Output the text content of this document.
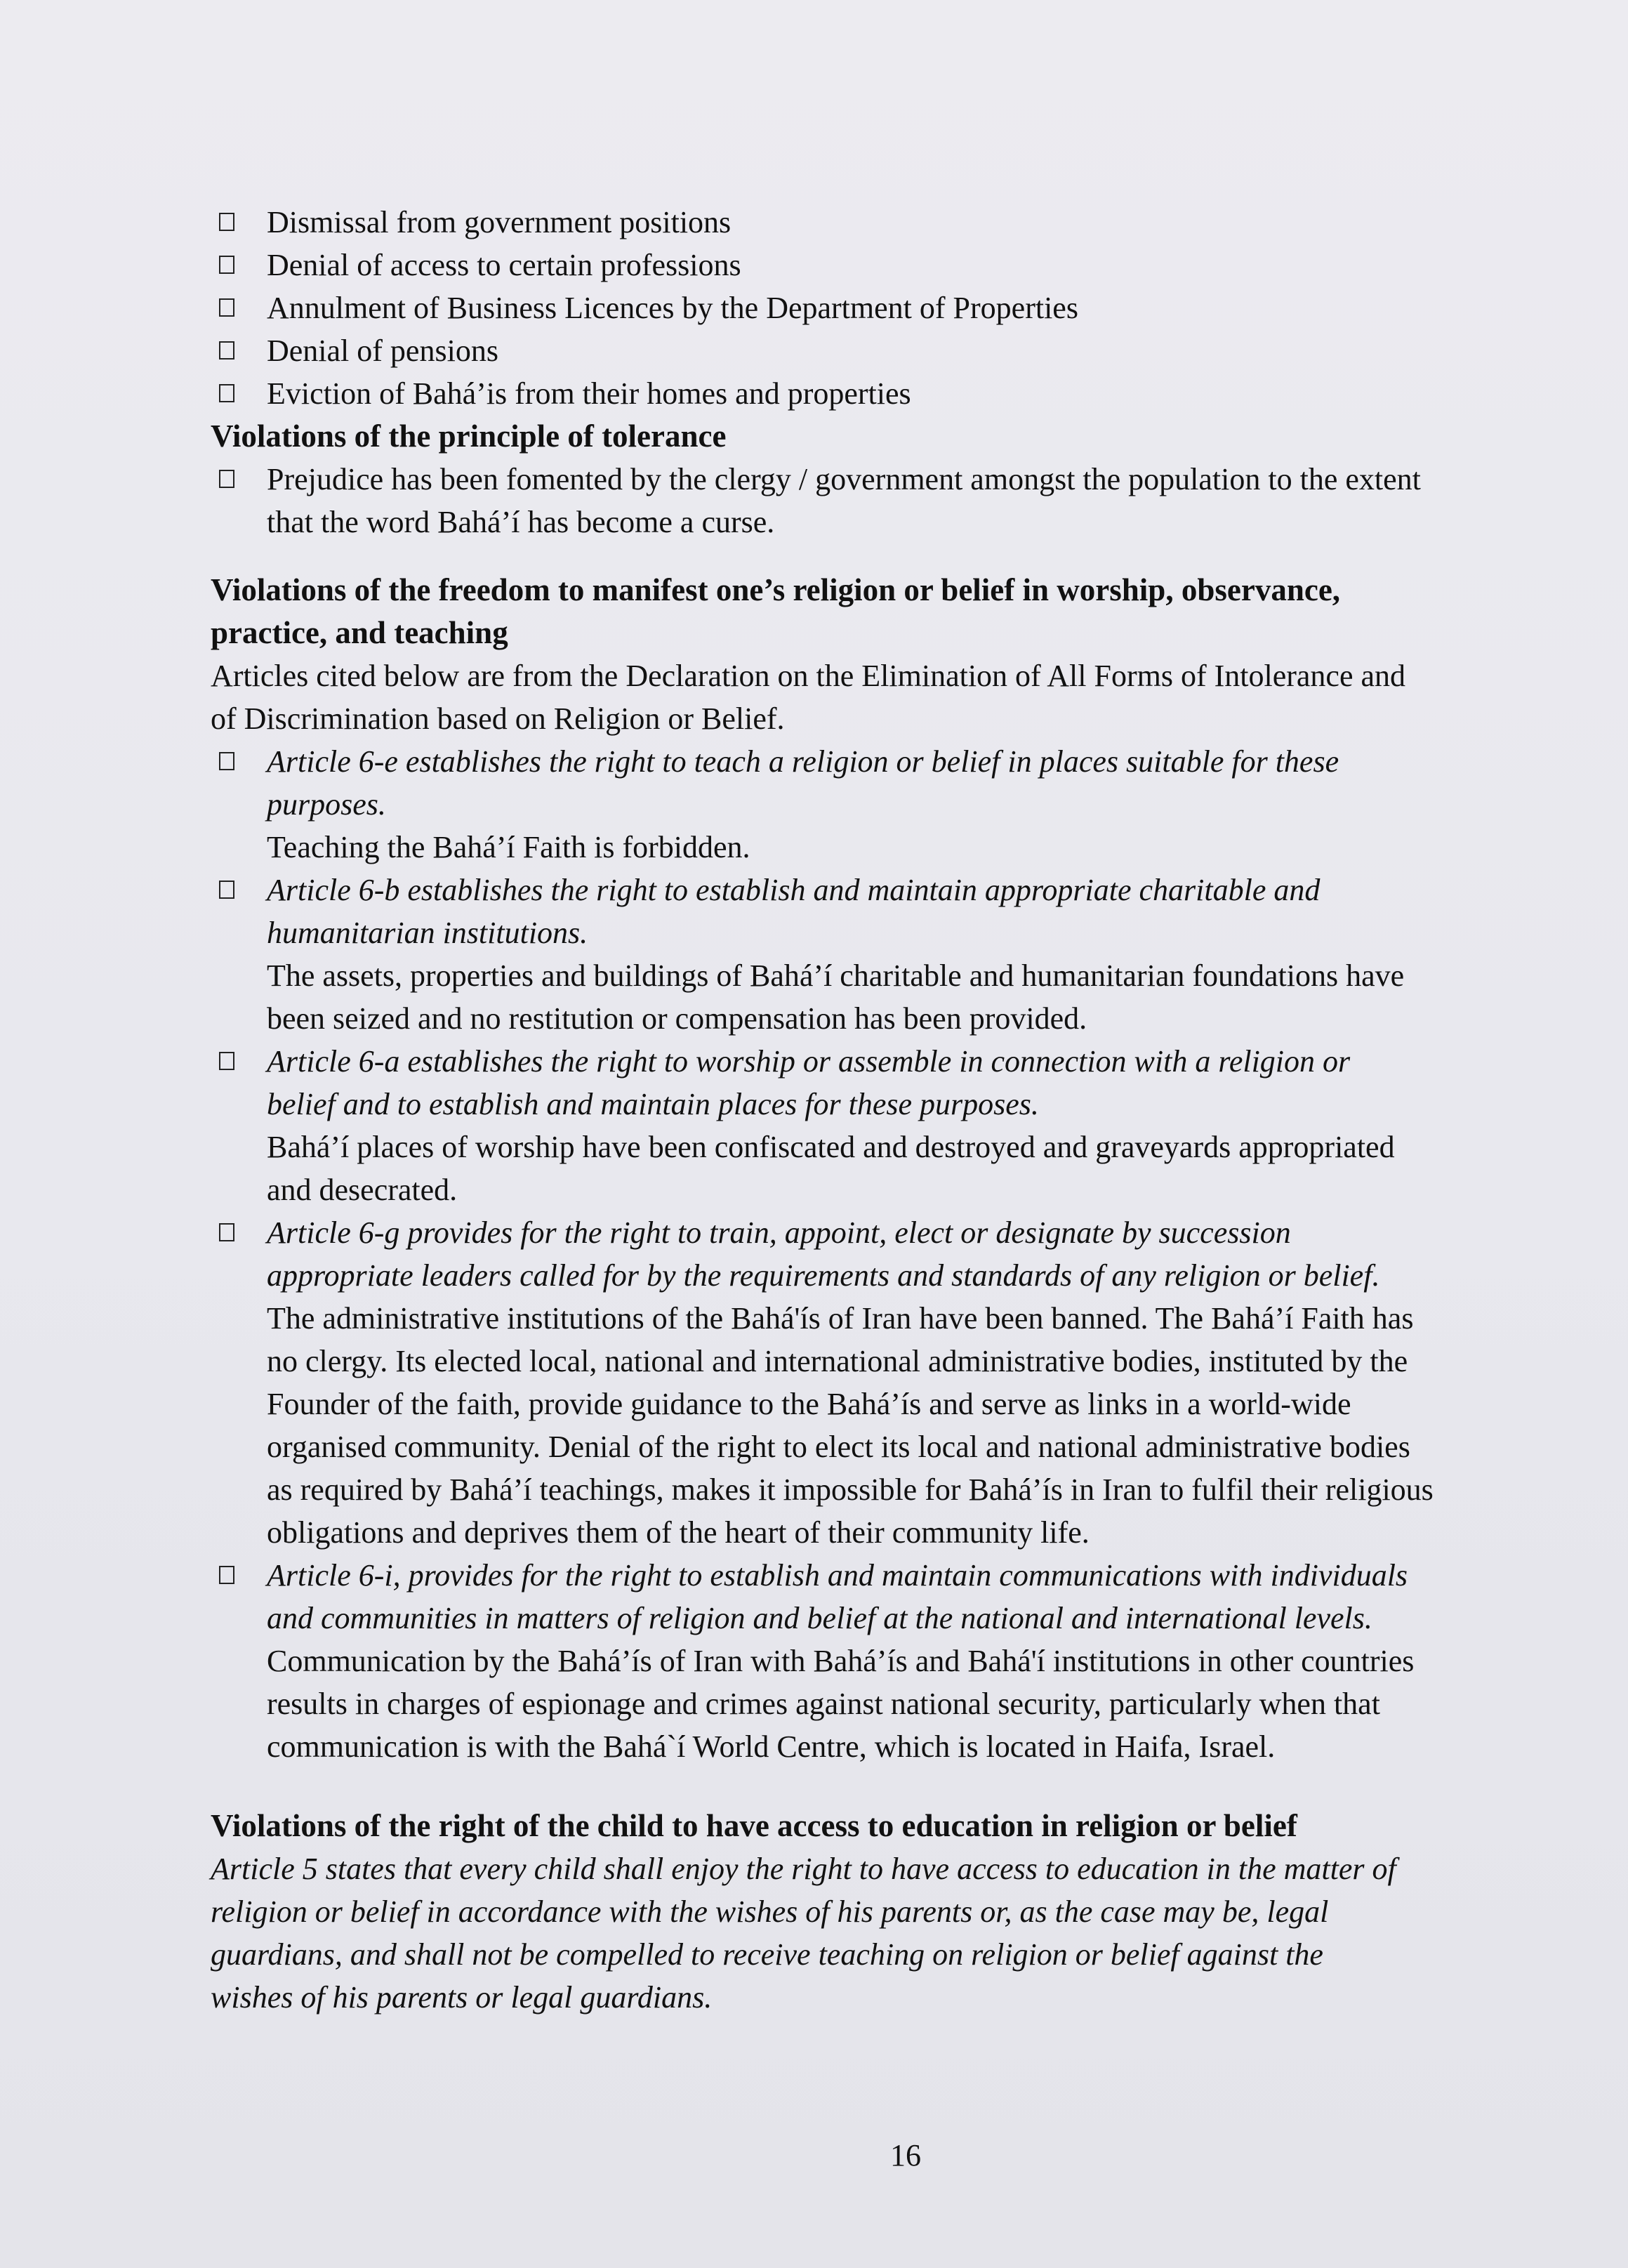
Dismissal from government positions
Denial of access to certain professions
Annulment of Business Licences by the Department of Properties
Denial of pensions
Eviction of Bahá’is from their homes and properties
Violations of the principle of tolerance
Prejudice has been fomented by the clergy / government amongst the population to the extent
that the word Bahá’í has become a curse.
Violations of the freedom to manifest one’s religion or belief in worship, observance,
practice, and teaching
Articles cited below are from the Declaration on the Elimination of All Forms of Intolerance and
of Discrimination based on Religion or Belief.
Article 6-e establishes the right to teach a religion or belief in places suitable for these
purposes.
Teaching the Bahá’í Faith is forbidden.
Article 6-b establishes the right to establish and maintain appropriate charitable and
humanitarian institutions.
The assets, properties and buildings of Bahá’í charitable and humanitarian foundations have
been seized and no restitution or compensation has been provided.
Article 6-a establishes the right to worship or assemble in connection with a religion or
belief and to establish and maintain places for these purposes.
Bahá’í places of worship have been confiscated and destroyed and graveyards appropriated
and desecrated.
Article 6-g provides for the right to train, appoint, elect or designate by succession
appropriate leaders called for by the requirements and standards of any religion or belief.
The administrative institutions of the Bahá'ís of Iran have been banned. The Bahá’í Faith has
no clergy. Its elected local, national and international administrative bodies, instituted by the
Founder of the faith, provide guidance to the Bahá’ís and serve as links in a world-wide
organised community. Denial of the right to elect its local and national administrative bodies
as required by Bahá’í teachings, makes it impossible for Bahá’ís in Iran to fulfil their religious
obligations and deprives them of the heart of their community life.
Article 6-i, provides for the right to establish and maintain communications with individuals
and communities in matters of religion and belief at the national and international levels.
Communication by the Bahá’ís of Iran with Bahá’ís and Bahá'í institutions in other countries
results in charges of espionage and crimes against national security, particularly when that
communication is with the Bahá`í World Centre, which is located in Haifa, Israel.
Violations of the right of the child to have access to education in religion or belief
Article 5 states that every child shall enjoy the right to have access to education in the matter of
religion or belief in accordance with the wishes of his parents or, as the case may be, legal
guardians, and shall not be compelled to receive teaching on religion or belief against the
wishes of his parents or legal guardians.
16
